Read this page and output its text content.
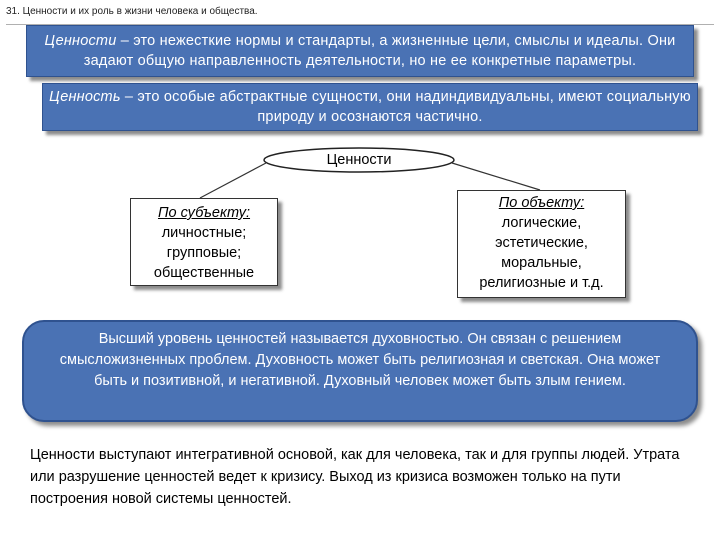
31. Ценности и их роль в жизни человека и общества.
Ценности – это нежесткие нормы и стандарты, а жизненные цели, смыслы и идеалы. Они задают общую направленность деятельности, но не ее конкретные параметры.
Ценность – это особые абстрактные сущности, они надиндивидуальны, имеют социальную природу и осознаются частично.
Ценности
По субъекту:
личностные;
групповые;
общественные
По объекту:
логические,
эстетические,
моральные,
религиозные и т.д.
Высший уровень ценностей называется духовностью. Он связан с решением смысложизненных проблем. Духовность может быть религиозная и светская. Она может быть и позитивной, и негативной. Духовный человек может быть злым гением.
Ценности выступают интегративной основой, как для человека, так и для группы людей. Утрата или разрушение ценностей ведет к кризису. Выход из кризиса возможен только на пути построения новой системы ценностей.
